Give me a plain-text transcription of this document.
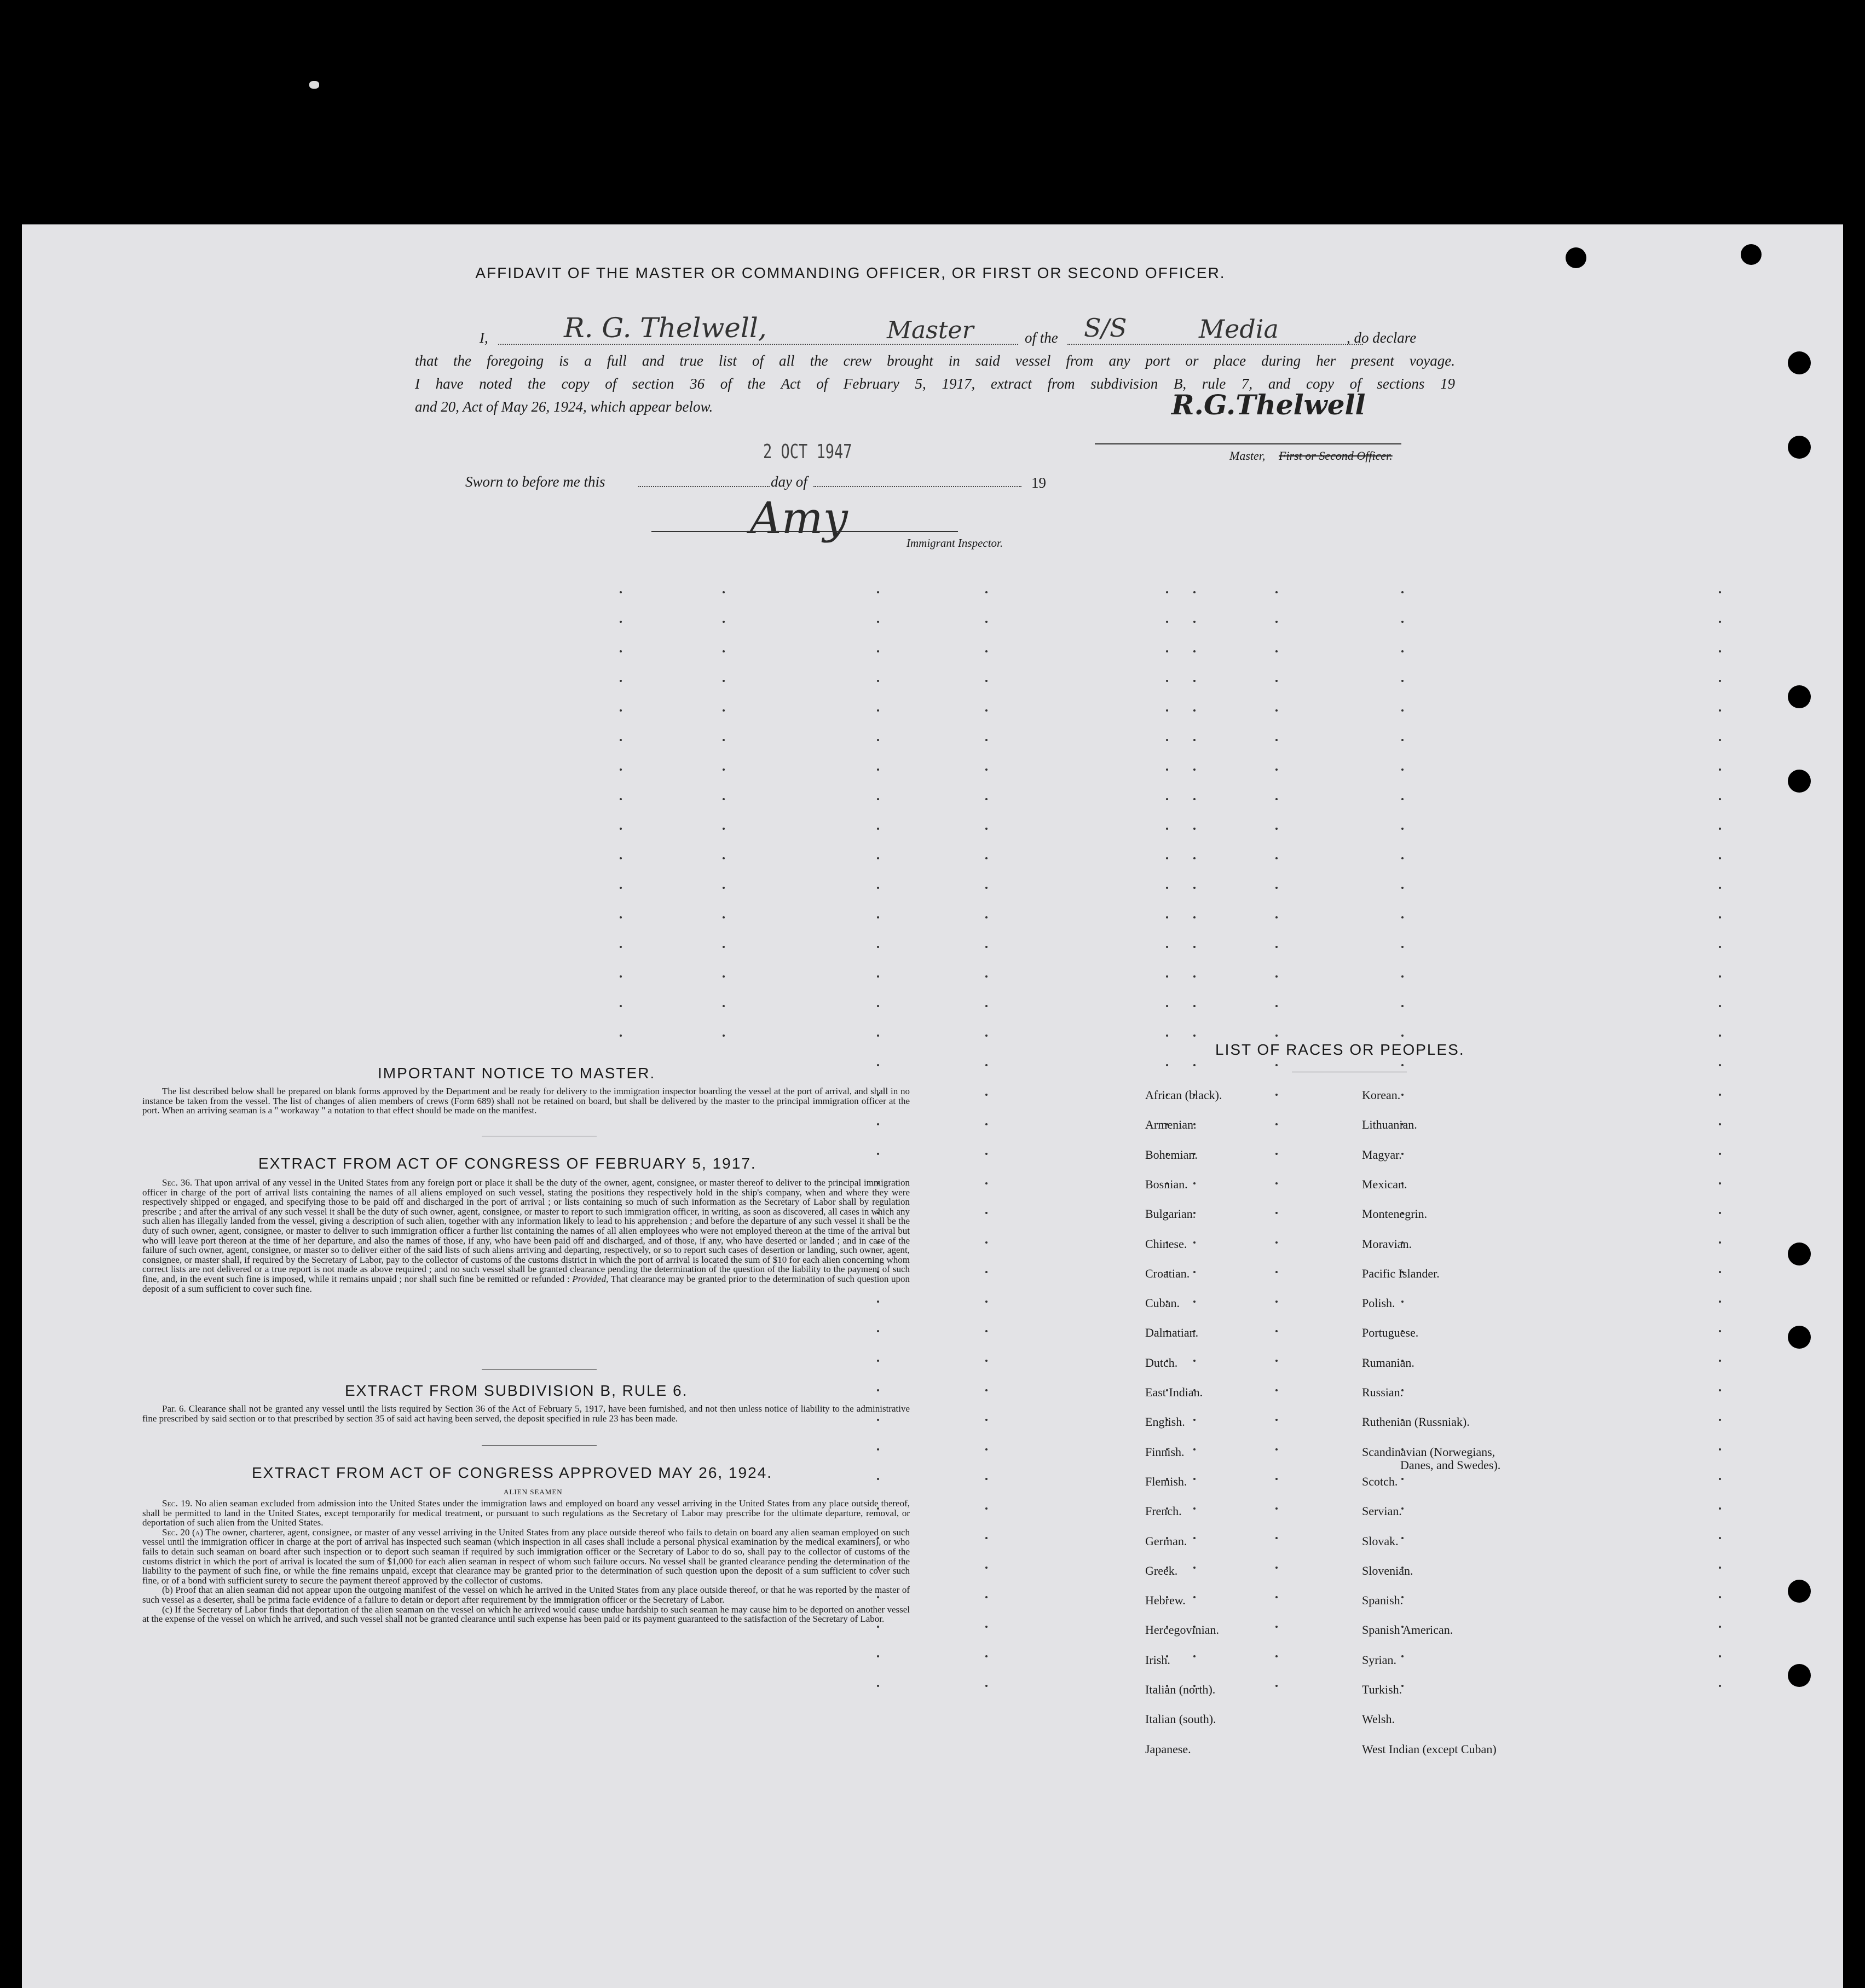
AFFIDAVIT OF THE MASTER OR COMMANDING OFFICER, OR FIRST OR SECOND OFFICER.
I,	R. G. Thelwell,	Master	of the S/S	Media	, do declare
that the foregoing is a full and true list of all the crew brought in said vessel from any port or place during her present voyage.
I have noted the copy of section 36 of the Act of February 5, 1917, extract from subdivision B, rule 7, and copy of sections 19
and 20, Act of May 26, 1924, which appear below.	R.G.Thelwell
Master, First or Second Officer.
2 OCT 1947
Sworn to before me this	day of	19
Amy	Immigrant Inspector.
IMPORTANT NOTICE TO MASTER.

The list described below shall be prepared on blank forms approved by the Department and be ready for delivery to the immigration inspector boarding the vessel at the port of arrival, and shall in no instance be taken from the vessel. The list of changes of alien members of crews (Form 689) shall not be retained on board, but shall be delivered by the master to the principal immigration officer at the port. When an arriving seaman is a " workaway " a notation to that effect should be made on the manifest.

EXTRACT FROM ACT OF CONGRESS OF FEBRUARY 5, 1917.

Sec. 36. That upon arrival of any vessel in the United States from any foreign port or place it shall be the duty of the owner, agent, consignee, or master thereof to deliver to the principal immigration officer in charge of the port of arrival lists containing the names of all aliens employed on such vessel, stating the positions they respectively hold in the ship's company, when and where they were respectively shipped or engaged, and specifying those to be paid off and discharged in the port of arrival ; or lists containing so much of such information as the Secretary of Labor shall by regulation prescribe ; and after the arrival of any such vessel it shall be the duty of such owner, agent, consignee, or master to report to such immigration officer, in writing, as soon as discovered, all cases in which any such alien has illegally landed from the vessel, giving a description of such alien, together with any information likely to lead to his apprehension ; and before the departure of any such vessel it shall be the duty of such owner, agent, consignee, or master to deliver to such immigration officer a further list containing the names of all alien employees who were not employed thereon at the time of the arrival but who will leave port thereon at the time of her departure, and also the names of those, if any, who have been paid off and discharged, and of those, if any, who have deserted or landed ; and in case of the failure of such owner, agent, consignee, or master so to deliver either of the said lists of such aliens arriving and departing, respectively, or so to report such cases of desertion or landing, such owner, agent, consignee, or master shall, if required by the Secretary of Labor, pay to the collector of customs of the customs district in which the port of arrival is located the sum of $10 for each alien concerning whom correct lists are not delivered or a true report is not made as above required ; and no such vessel shall be granted clearance pending the determination of the question of the liability to the payment of such fine, and, in the event such fine is imposed, while it remains unpaid ; nor shall such fine be remitted or refunded : Provided, That clearance may be granted prior to the determination of such question upon deposit of a sum sufficient to cover such fine.

EXTRACT FROM SUBDIVISION B, RULE 6.

Par. 6. Clearance shall not be granted any vessel until the lists required by Section 36 of the Act of February 5, 1917, have been furnished, and not then unless notice of liability to the administrative fine prescribed by said section or to that prescribed by section 35 of said act having been served, the deposit specified in rule 23 has been made.

EXTRACT FROM ACT OF CONGRESS APPROVED MAY 26, 1924.
ALIEN SEAMEN

Sec. 19. No alien seaman excluded from admission into the United States under the immigration laws and employed on board any vessel arriving in the United States from any place outside thereof, shall be permitted to land in the United States, except temporarily for medical treatment, or pursuant to such regulations as the Secretary of Labor may prescribe for the ultimate departure, removal, or deportation of such alien from the United States.

Sec. 20 (a) The owner, charterer, agent, consignee, or master of any vessel arriving in the United States from any place outside thereof who fails to detain on board any alien seaman employed on such vessel until the immigration officer in charge at the port of arrival has inspected such seaman (which inspection in all cases shall include a personal physical examination by the medical examiners), or who fails to detain such seaman on board after such inspection or to deport such seaman if required by such immigration officer or the Secretary of Labor to do so, shall pay to the collector of customs of the customs district in which the port of arrival is located the sum of $1,000 for each alien seaman in respect of whom such failure occurs. No vessel shall be granted clearance pending the determination of the liability to the payment of such fine, or while the fine remains unpaid, except that clearance may be granted prior to the determination of such question upon the deposit of a sum sufficient to cover such fine, or of a bond with sufficient surety to secure the payment thereof approved by the collector of customs.

(b) Proof that an alien seaman did not appear upon the outgoing manifest of the vessel on which he arrived in the United States from any place outside thereof, or that he was reported by the master of such vessel as a deserter, shall be prima facie evidence of a failure to detain or deport after requirement by the immigration officer or the Secretary of Labor.

(c) If the Secretary of Labor finds that deportation of the alien seaman on the vessel on which he arrived would cause undue hardship to such seaman he may cause him to be deported on another vessel at the expense of the vessel on which he arrived, and such vessel shall not be granted clearance until such expense has been paid or its payment guaranteed to the satisfaction of the Secretary of Labor.

LIST OF RACES OR PEOPLES.
African (black).
Armenian.
Bohemian.
Bosnian.
Bulgarian.
Chinese.
Croatian.
Cuban.
Dalmatian.
Dutch.
East Indian.
English.
Finnish.
Flemish.
French.
German.
Greek.
Hebrew.
Hercegovinian.
Irish.
Italian (north).
Italian (south).
Japanese.
Korean.
Lithuanian.
Magyar.
Mexican.
Montenegrin.
Moravian.
Pacific Islander.
Polish.
Portuguese.
Rumanian.
Russian.
Ruthenian (Russniak).
Scandinavian (Norwegians,
Danes, and Swedes).
Scotch.
Servian.
Slovak.
Slovenian.
Spanish.
Spanish American.
Syrian.
Turkish.
Welsh.
West Indian (except Cuban)
